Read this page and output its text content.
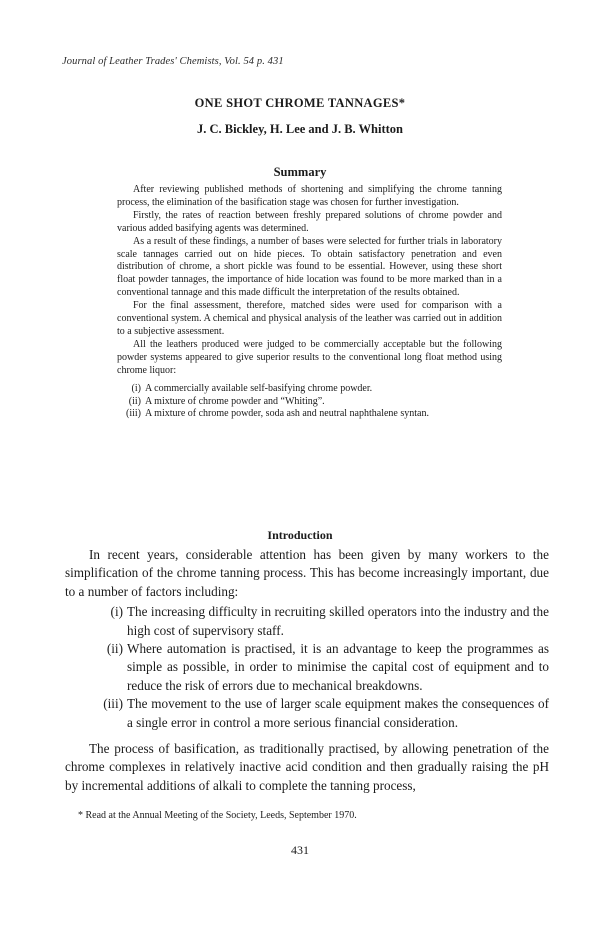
Journal of Leather Trades' Chemists, Vol. 54 p. 431
ONE SHOT CHROME TANNAGES*
J. C. Bickley, H. Lee and J. B. Whitton
Summary

After reviewing published methods of shortening and simplifying the chrome tanning process, the elimination of the basification stage was chosen for further investigation.

Firstly, the rates of reaction between freshly prepared solutions of chrome powder and various added basifying agents was determined.

As a result of these findings, a number of bases were selected for further trials in laboratory scale tannages carried out on hide pieces. To obtain satisfactory penetration and even distribution of chrome, a short pickle was found to be essential. However, using these short float powder tannages, the importance of hide location was found to be more marked than in a conventional tannage and this made difficult the interpretation of the results obtained.

For the final assessment, therefore, matched sides were used for comparison with a conventional system. A chemical and physical analysis of the leather was carried out in addition to a subjective assessment.

All the leathers produced were judged to be commercially acceptable but the following powder systems appeared to give superior results to the conventional long float method using chrome liquor:

(i) A commercially available self-basifying chrome powder.
(ii) A mixture of chrome powder and “Whiting”.
(iii) A mixture of chrome powder, soda ash and neutral naphthalene syntan.
Introduction

In recent years, considerable attention has been given by many workers to the simplification of the chrome tanning process. This has become increasingly important, due to a number of factors including:

(i) The increasing difficulty in recruiting skilled operators into the industry and the high cost of supervisory staff.
(ii) Where automation is practised, it is an advantage to keep the programmes as simple as possible, in order to minimise the capital cost of equipment and to reduce the risk of errors due to mechanical breakdowns.
(iii) The movement to the use of larger scale equipment makes the consequences of a single error in control a more serious financial consideration.

The process of basification, as traditionally practised, by allowing penetration of the chrome complexes in relatively inactive acid condition and then gradually raising the pH by incremental additions of alkali to complete the tanning process,

* Read at the Annual Meeting of the Society, Leeds, September 1970.
431
